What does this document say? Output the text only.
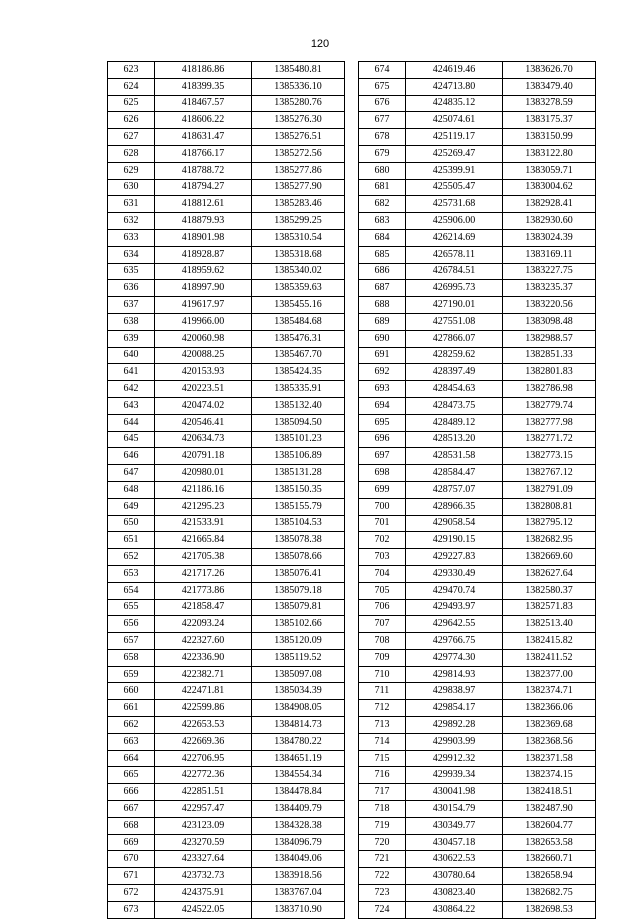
120
623	418186.86	1385480.81
624	418399.35	1385336.10
625	418467.57	1385280.76
626	418606.22	1385276.30
627	418631.47	1385276.51
628	418766.17	1385272.56
629	418788.72	1385277.86
630	418794.27	1385277.90
631	418812.61	1385283.46
632	418879.93	1385299.25
633	418901.98	1385310.54
634	418928.87	1385318.68
635	418959.62	1385340.02
636	418997.90	1385359.63
637	419617.97	1385455.16
638	419966.00	1385484.68
639	420060.98	1385476.31
640	420088.25	1385467.70
641	420153.93	1385424.35
642	420223.51	1385335.91
643	420474.02	1385132.40
644	420546.41	1385094.50
645	420634.73	1385101.23
646	420791.18	1385106.89
647	420980.01	1385131.28
648	421186.16	1385150.35
649	421295.23	1385155.79
650	421533.91	1385104.53
651	421665.84	1385078.38
652	421705.38	1385078.66
653	421717.26	1385076.41
654	421773.86	1385079.18
655	421858.47	1385079.81
656	422093.24	1385102.66
657	422327.60	1385120.09
658	422336.90	1385119.52
659	422382.71	1385097.08
660	422471.81	1385034.39
661	422599.86	1384908.05
662	422653.53	1384814.73
663	422669.36	1384780.22
664	422706.95	1384651.19
665	422772.36	1384554.34
666	422851.51	1384478.84
667	422957.47	1384409.79
668	423123.09	1384328.38
669	423270.59	1384096.79
670	423327.64	1384049.06
671	423732.73	1383918.56
672	424375.91	1383767.04
673	424522.05	1383710.90
674	424619.46	1383626.70
675	424713.80	1383479.40
676	424835.12	1383278.59
677	425074.61	1383175.37
678	425119.17	1383150.99
679	425269.47	1383122.80
680	425399.91	1383059.71
681	425505.47	1383004.62
682	425731.68	1382928.41
683	425906.00	1382930.60
684	426214.69	1383024.39
685	426578.11	1383169.11
686	426784.51	1383227.75
687	426995.73	1383235.37
688	427190.01	1383220.56
689	427551.08	1383098.48
690	427866.07	1382988.57
691	428259.62	1382851.33
692	428397.49	1382801.83
693	428454.63	1382786.98
694	428473.75	1382779.74
695	428489.12	1382777.98
696	428513.20	1382771.72
697	428531.58	1382773.15
698	428584.47	1382767.12
699	428757.07	1382791.09
700	428966.35	1382808.81
701	429058.54	1382795.12
702	429190.15	1382682.95
703	429227.83	1382669.60
704	429330.49	1382627.64
705	429470.74	1382580.37
706	429493.97	1382571.83
707	429642.55	1382513.40
708	429766.75	1382415.82
709	429774.30	1382411.52
710	429814.93	1382377.00
711	429838.97	1382374.71
712	429854.17	1382366.06
713	429892.28	1382369.68
714	429903.99	1382368.56
715	429912.32	1382371.58
716	429939.34	1382374.15
717	430041.98	1382418.51
718	430154.79	1382487.90
719	430349.77	1382604.77
720	430457.18	1382653.58
721	430622.53	1382660.71
722	430780.64	1382658.94
723	430823.40	1382682.75
724	430864.22	1382698.53
